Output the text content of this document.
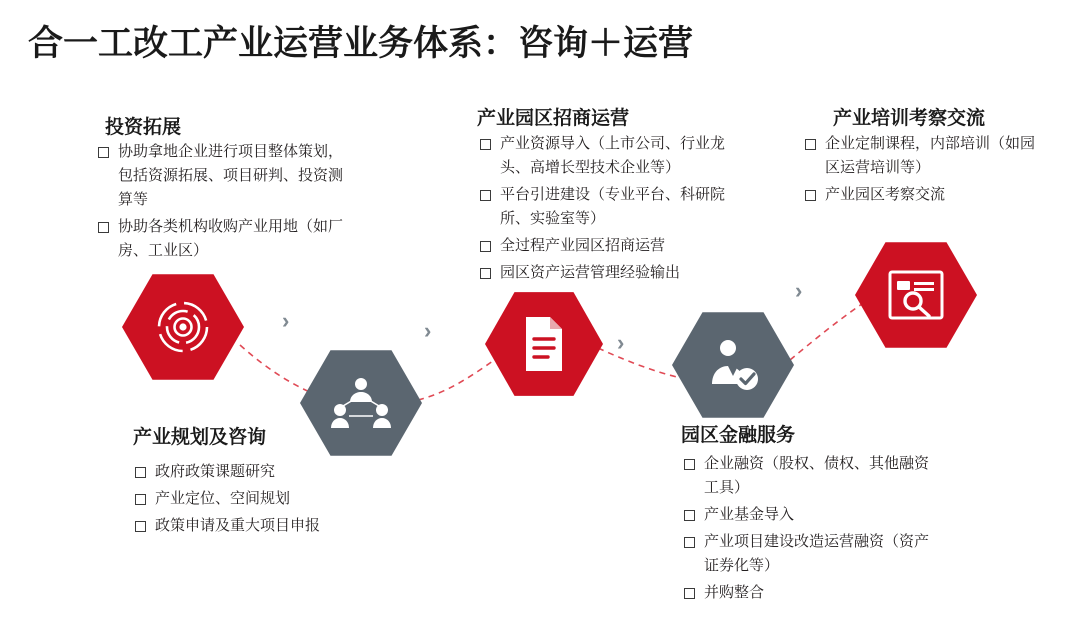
合一工改工产业运营业务体系：咨询＋运营
投资拓展
协助拿地企业进行项目整体策划，包括资源拓展、项目研判、投资测算等
协助各类机构收购产业用地（如厂房、工业区）
›
产业规划及咨询
政府政策课题研究
产业定位、空间规划
政策申请及重大项目申报
›
产业园区招商运营
产业资源导入（上市公司、行业龙头、高增长型技术企业等）
平台引进建设（专业平台、科研院所、实验室等）
全过程产业园区招商运营
园区资产运营管理经验输出
›
园区金融服务
企业融资（股权、债权、其他融资工具）
产业基金导入
产业项目建设改造运营融资（资产证券化等）
并购整合
›
产业培训考察交流
企业定制课程，内部培训（如园区运营培训等）
产业园区考察交流
